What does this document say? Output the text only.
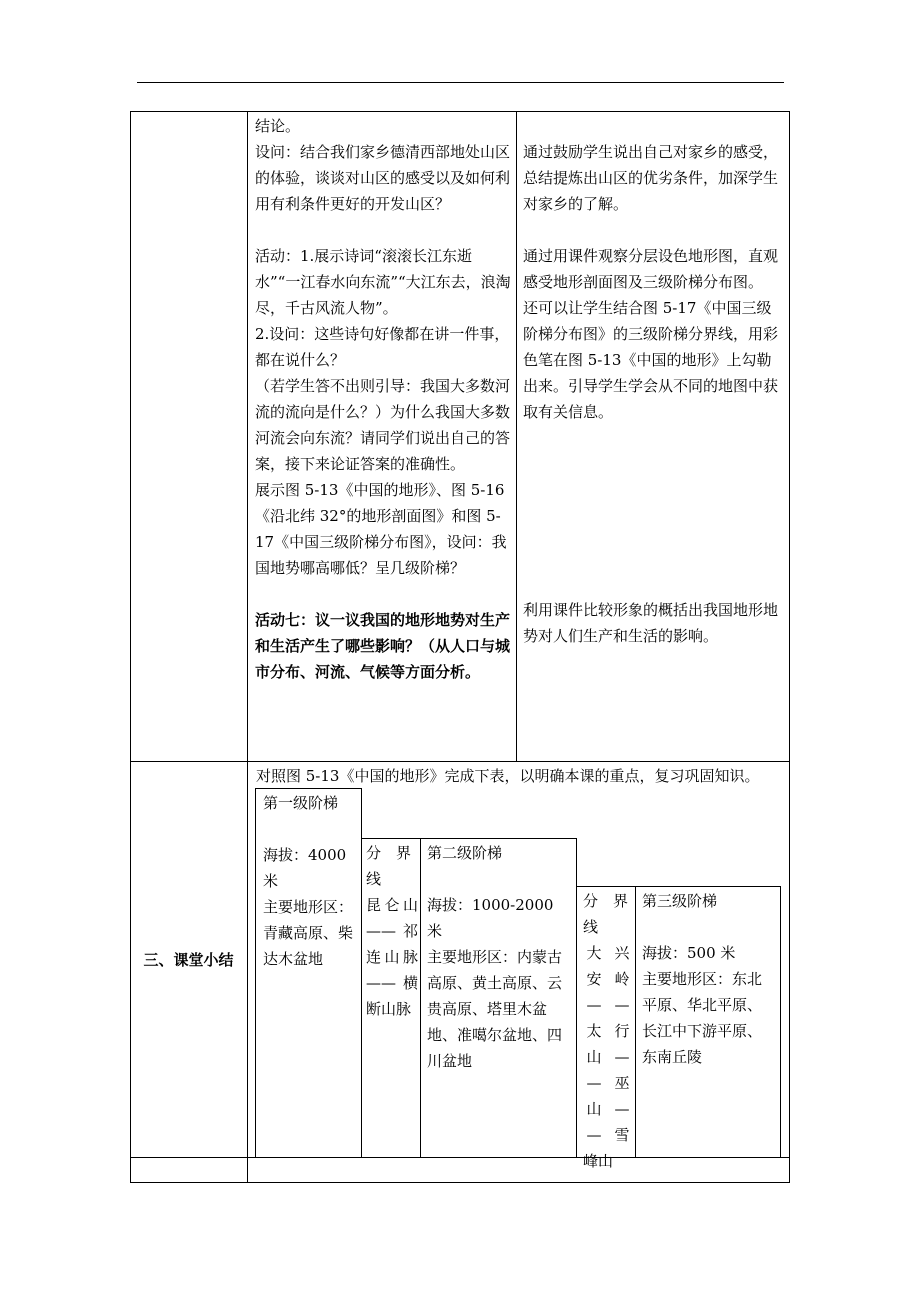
结论。

设问：结合我们家乡德清西部地处山区的体验，谈谈对山区的感受以及如何利用有利条件更好的开发山区？

活动：1.展示诗词“滚滚长江东逝水”“一江春水向东流”“大江东去，浪淘尽，千古风流人物”。

2.设问：这些诗句好像都在讲一件事，都在说什么？

（若学生答不出则引导：我国大多数河流的流向是什么？）为什么我国大多数河流会向东流？请同学们说出自己的答案，接下来论证答案的准确性。

展示图 5-13《中国的地形》、图 5-16《沿北纬 32°的地形剖面图》和图 5-17《中国三级阶梯分布图》，设问：我国地势哪高哪低？呈几级阶梯？

活动七：议一议我国的地形地势对生产和生活产生了哪些影响？（从人口与城市分布、河流、气候等方面分析。

通过鼓励学生说出自己对家乡的感受，总结提炼出山区的优劣条件，加深学生对家乡的了解。

通过用课件观察分层设色地形图，直观感受地形剖面图及三级阶梯分布图。

还可以让学生结合图 5-17《中国三级阶梯分布图》的三级阶梯分界线，用彩色笔在图 5-13《中国的地形》上勾勒出来。引导学生学会从不同的地图中获取有关信息。

利用课件比较形象的概括出我国地形地势对人们生产和生活的影响。

三、课堂小结
对照图 5-13《中国的地形》完成下表，以明确本课的重点，复习巩固知识。

第一级阶梯

海拔：4000 米

主要地形区：青藏高原、柴达木盆地

分　界　线

昆仑山——祁连山脉——横断山脉

第二级阶梯

海拔：1000-2000 米

主要地形区：内蒙古高原、黄土高原、云贵高原、塔里木盆地、准噶尔盆地、四川盆地

分　界　线

大

安

—

太

山

—

山

—

峰山

兴

岭

—

行

—

巫

—

雪

第三级阶梯

海拔：500 米

主要地形区：东北平原、华北平原、长江中下游平原、东南丘陵
